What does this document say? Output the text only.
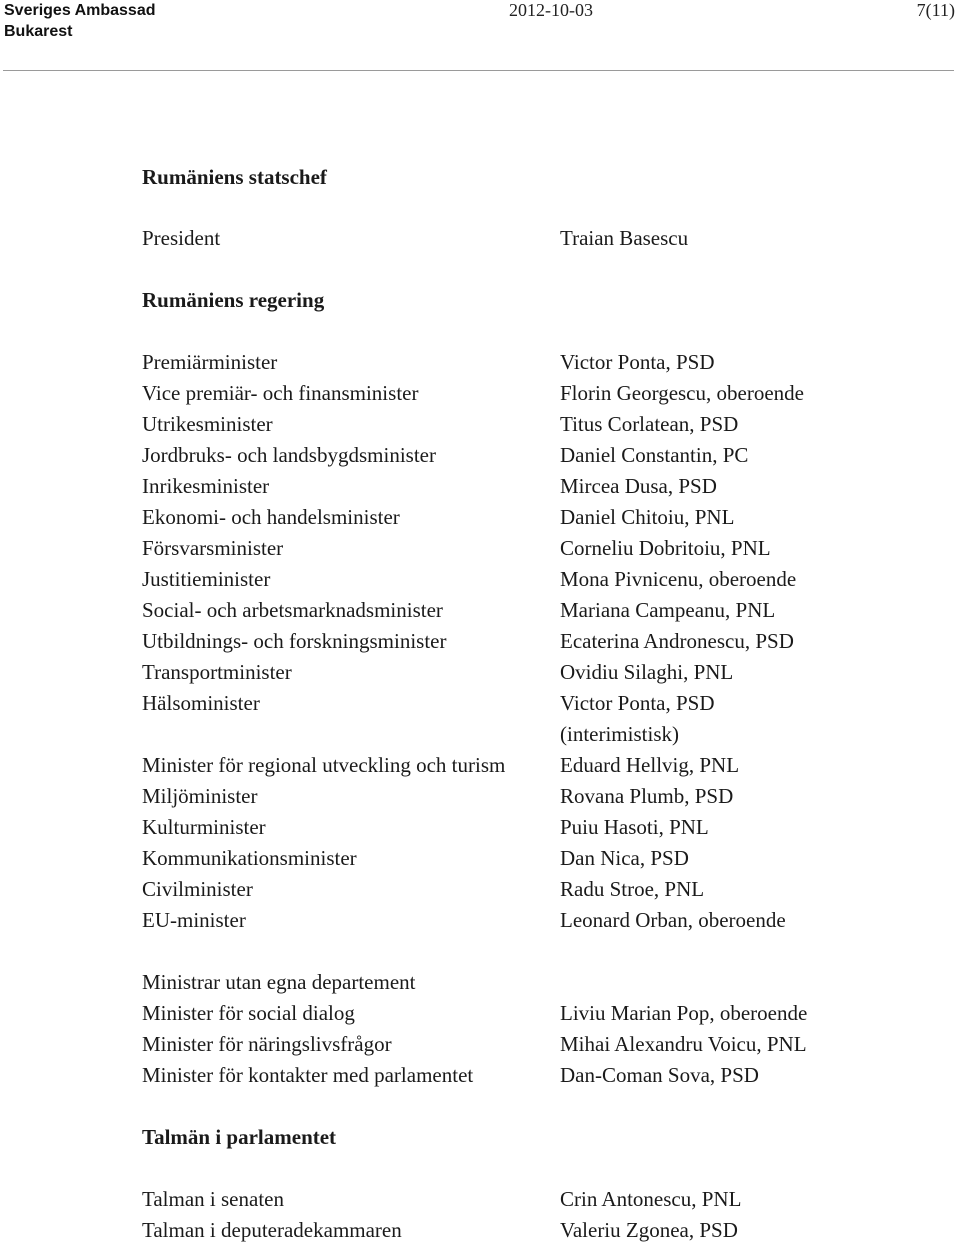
Sveriges Ambassad
Bukarest
2012-10-03	7(11)
Rumäniens statschef
President	Traian Basescu
Rumäniens regering
Premiärminister	Victor Ponta, PSD
Vice premiär- och finansminister	Florin Georgescu, oberoende
Utrikesminister	Titus Corlatean, PSD
Jordbruks- och landsbygdsminister	Daniel Constantin, PC
Inrikesminister	Mircea Dusa, PSD
Ekonomi- och handelsminister	Daniel Chitoiu, PNL
Försvarsminister	Corneliu Dobritoiu, PNL
Justitieminister	Mona Pivnicenu, oberoende
Social- och arbetsmarknadsminister	Mariana Campeanu, PNL
Utbildnings- och forskningsminister	Ecaterina Andronescu, PSD
Transportminister	Ovidiu Silaghi, PNL
Hälsominister	Victor Ponta, PSD
(interimistisk)
Minister för regional utveckling och turism	Eduard Hellvig, PNL
Miljöminister	Rovana Plumb, PSD
Kulturminister	Puiu Hasoti, PNL
Kommunikationsminister	Dan Nica, PSD
Civilminister	Radu Stroe, PNL
EU-minister	Leonard Orban, oberoende
Ministrar utan egna departement
Minister för social dialog	Liviu Marian Pop, oberoende
Minister för näringslivsfrågor	Mihai Alexandru Voicu, PNL
Minister för kontakter med parlamentet	Dan-Coman Sova, PSD
Talmän i parlamentet
Talman i senaten	Crin Antonescu, PNL
Talman i deputeradekammaren	Valeriu Zgonea, PSD
